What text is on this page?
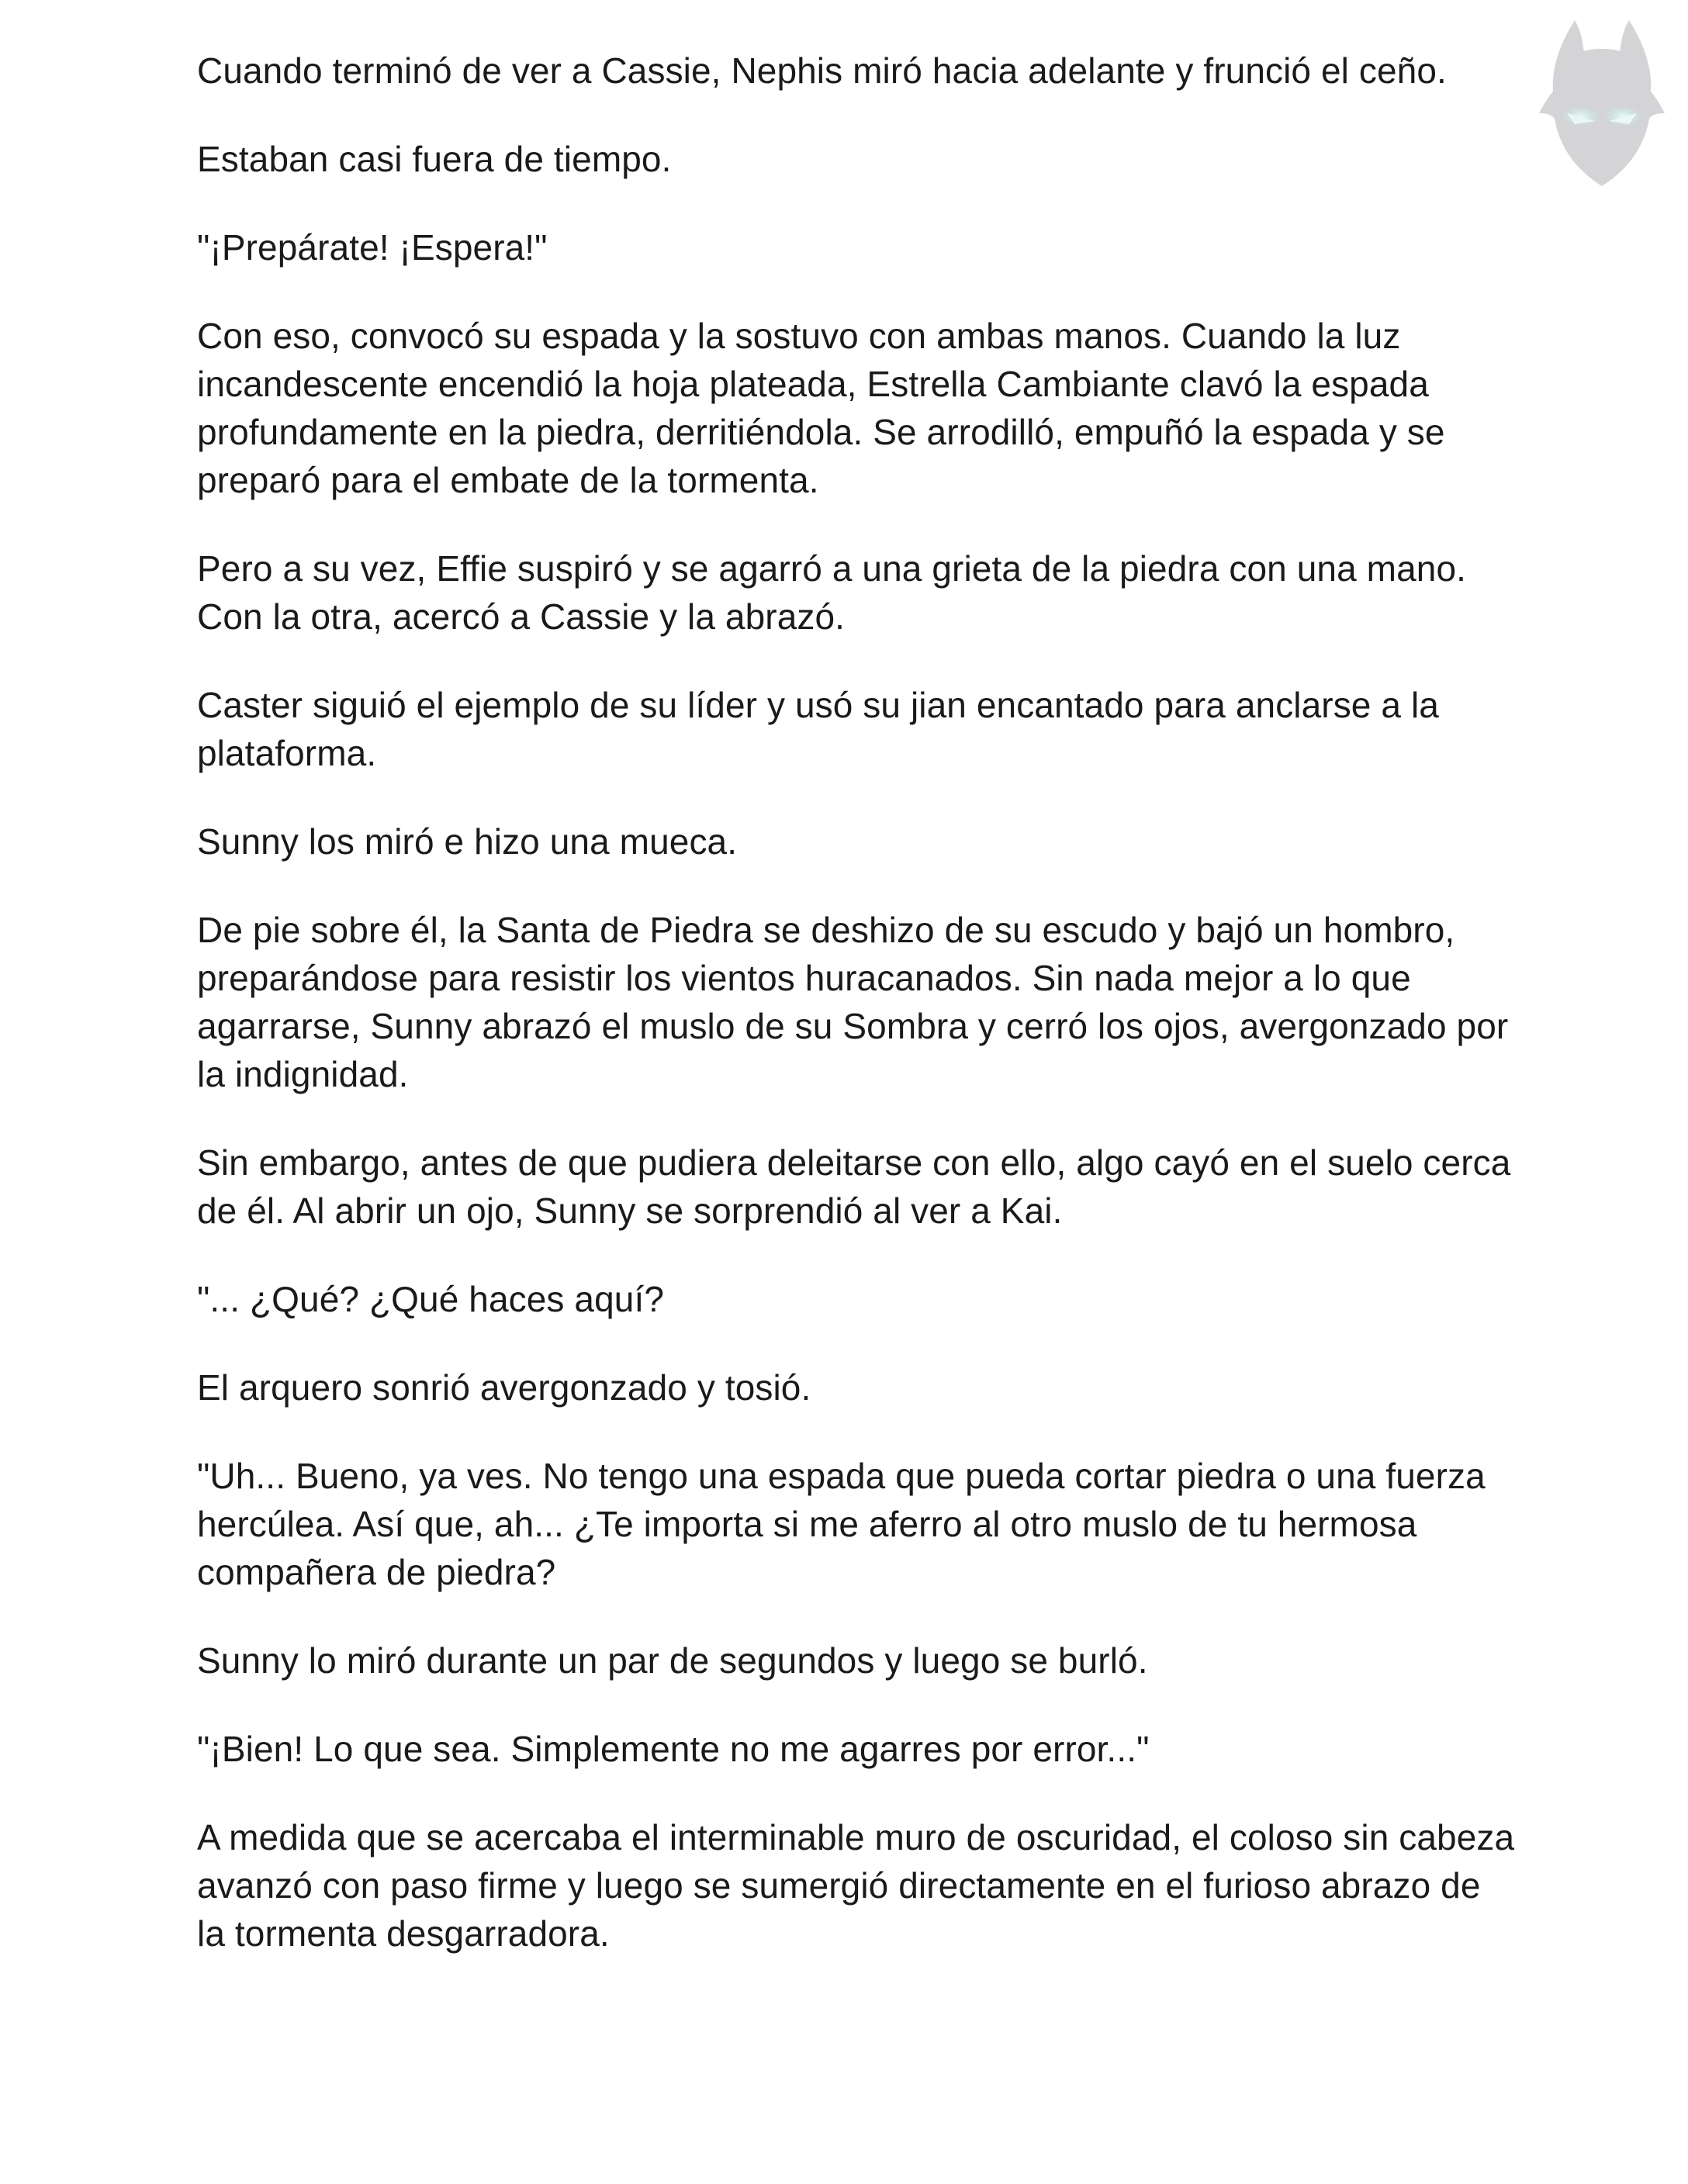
Cuando terminó de ver a Cassie, Nephis miró hacia adelante y frunció el ceño.

Estaban casi fuera de tiempo.

"¡Prepárate! ¡Espera!"

Con eso, convocó su espada y la sostuvo con ambas manos. Cuando la luz incandescente encendió la hoja plateada, Estrella Cambiante clavó la espada profundamente en la piedra, derritiéndola. Se arrodilló, empuñó la espada y se preparó para el embate de la tormenta.

Pero a su vez, Effie suspiró y se agarró a una grieta de la piedra con una mano. Con la otra, acercó a Cassie y la abrazó.

Caster siguió el ejemplo de su líder y usó su jian encantado para anclarse a la plataforma.

Sunny los miró e hizo una mueca.

De pie sobre él, la Santa de Piedra se deshizo de su escudo y bajó un hombro, preparándose para resistir los vientos huracanados. Sin nada mejor a lo que agarrarse, Sunny abrazó el muslo de su Sombra y cerró los ojos, avergonzado por la indignidad.

Sin embargo, antes de que pudiera deleitarse con ello, algo cayó en el suelo cerca de él. Al abrir un ojo, Sunny se sorprendió al ver a Kai.

"... ¿Qué? ¿Qué haces aquí?

El arquero sonrió avergonzado y tosió.

"Uh... Bueno, ya ves. No tengo una espada que pueda cortar piedra o una fuerza hercúlea. Así que, ah... ¿Te importa si me aferro al otro muslo de tu hermosa compañera de piedra?

Sunny lo miró durante un par de segundos y luego se burló.

"¡Bien! Lo que sea. Simplemente no me agarres por error..."

A medida que se acercaba el interminable muro de oscuridad, el coloso sin cabeza avanzó con paso firme y luego se sumergió directamente en el furioso abrazo de la tormenta desgarradora.
